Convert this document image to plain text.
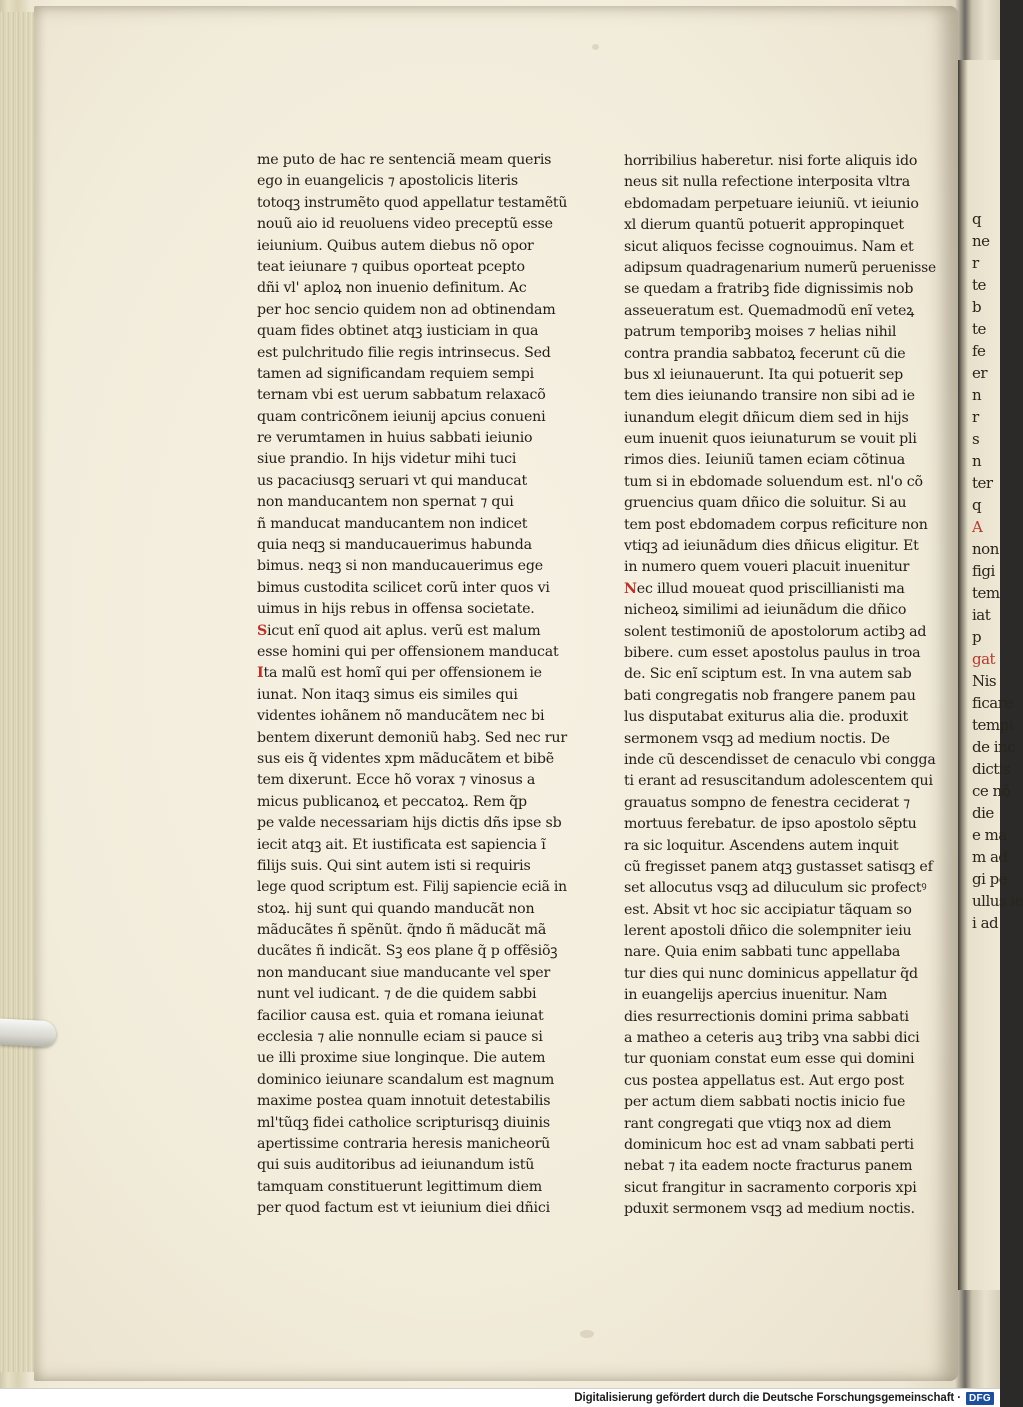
q
ne
r
te
b
te
fe
er
n
r
s
n
ter
q
A
non
figi
tem
iat
p
gat
Nis
ficare
tempi
de inc
dictis
ce nõ
die
e ma
m ad
gi pe
ullus ie
i ad
me puto de hac re sentenciã meam queris
ego in euangelicis ⁊ apostolicis literis
totoqꝫ instrumẽto quod appellatur testamẽtũ
nouũ aio id reuoluens video preceptũ esse
ieiunium. Quibus autem diebus nõ opor
teat ieiunare ⁊ quibus oporteat pcepto
dñi vl' aploꝝ non inuenio definitum. Ac
per hoc sencio quidem non ad obtinendam
quam fides obtinet atqꝫ iusticiam in qua
est pulchritudo filie regis intrinsecus. Sed
tamen ad significandam requiem sempi
ternam vbi est uerum sabbatum relaxacõ
quam contricõnem ieiunij apcius conueni
re verumtamen in huius sabbati ieiunio
siue prandio. In hijs videtur mihi tuci
us pacaciusqꝫ seruari vt qui manducat
non manducantem non spernat ⁊ qui
ñ manducat manducantem non indicet
quia neqꝫ si manducauerimus habunda
bimus. neqꝫ si non manducauerimus ege
bimus custodita scilicet corũ inter quos vi
uimus in hijs rebus in offensa societate.
Sicut enĩ quod ait aplus. verũ est malum
esse homini qui per offensionem manducat
Ita malũ est homĩ qui per offensionem ie
iunat. Non itaqꝫ simus eis similes qui
videntes iohãnem nõ manducãtem nec bi
bentem dixerunt demoniũ habꝫ. Sed nec rur
sus eis q̃ videntes xpm mãducãtem et bibẽ
tem dixerunt. Ecce hõ vorax ⁊ vinosus a
micus publicanoꝝ et peccatoꝝ. Rem q̃p
pe valde necessariam hijs dictis dñs ipse sb
iecit atqꝫ ait. Et iustificata est sapiencia ĩ
filijs suis. Qui sint autem isti si requiris
lege quod scriptum est. Filij sapiencie eciã in
stoꝝ. hij sunt qui quando manducãt non
mãducãtes ñ spẽnũt. q̃ndo ñ mãducãt mã
ducãtes ñ indicãt. Sꝫ eos plane q̃ p offẽsiõꝫ
non manducant siue manducante vel sper
nunt vel iudicant. ⁊ de die quidem sabbi
facilior causa est. quia et romana ieiunat
ecclesia ⁊ alie nonnulle eciam si pauce si
ue illi proxime siue longinque. Die autem
dominico ieiunare scandalum est magnum
maxime postea quam innotuit detestabilis
ml'tũqꝫ fidei catholice scripturisqꝫ diuinis
apertissime contraria heresis manicheorũ
qui suis auditoribus ad ieiunandum istũ
tamquam constituerunt legittimum diem
per quod factum est vt ieiunium diei dñici
horribilius haberetur. nisi forte aliquis ido
neus sit nulla refectione interposita vltra
ebdomadam perpetuare ieiuniũ. vt ieiunio
xl dierum quantũ potuerit appropinquet
sicut aliquos fecisse cognouimus. Nam et
adipsum quadragenarium numerũ peruenisse
se quedam a fratribꝫ fide dignissimis nob
asseueratum est. Quemadmodũ enĩ veteꝝ
patrum temporibꝫ moises ⁊ helias nihil
contra prandia sabbatoꝝ fecerunt cũ die
bus xl ieiunauerunt. Ita qui potuerit sep
tem dies ieiunando transire non sibi ad ie
iunandum elegit dñicum diem sed in hijs
eum inuenit quos ieiunaturum se vouit pli
rimos dies. Ieiuniũ tamen eciam cõtinua
tum si in ebdomade soluendum est. nl'o cõ
gruencius quam dñico die soluitur. Si au
tem post ebdomadem corpus reficiture non
vtiqꝫ ad ieiunãdum dies dñicus eligitur. Et
in numero quem voueri placuit inuenitur
Nec illud moueat quod priscillianisti ma
nicheoꝝ similimi ad ieiunãdum die dñico
solent testimoniũ de apostolorum actibꝫ ad
bibere. cum esset apostolus paulus in troa
de. Sic enĩ sciptum est. In vna autem sab
bati congregatis nob frangere panem pau
lus disputabat exiturus alia die. produxit
sermonem vsqꝫ ad medium noctis. De
inde cũ descendisset de cenaculo vbi congga
ti erant ad resuscitandum adolescentem qui
grauatus sompno de fenestra ceciderat ⁊
mortuus ferebatur. de ipso apostolo sẽptu
ra sic loquitur. Ascendens autem inquit
cũ fregisset panem atqꝫ gustasset satisqꝫ ef
set allocutus vsqꝫ ad diluculum sic profectꝰ
est. Absit vt hoc sic accipiatur tãquam so
lerent apostoli dñico die solempniter ieiu
nare. Quia enim sabbati tunc appellaba
tur dies qui nunc dominicus appellatur q̃d
in euangelijs apercius inuenitur. Nam
dies resurrectionis domini prima sabbati
a matheo a ceteris auꝫ tribꝫ vna sabbi dici
tur quoniam constat eum esse qui domini
cus postea appellatus est. Aut ergo post
per actum diem sabbati noctis inicio fue
rant congregati que vtiqꝫ nox ad diem
dominicum hoc est ad vnam sabbati perti
nebat ⁊ ita eadem nocte fracturus panem
sicut frangitur in sacramento corporis xpi
pduxit sermonem vsqꝫ ad medium noctis.
Digitalisierung gefördert durch die Deutsche Forschungsgemeinschaft · DFG
